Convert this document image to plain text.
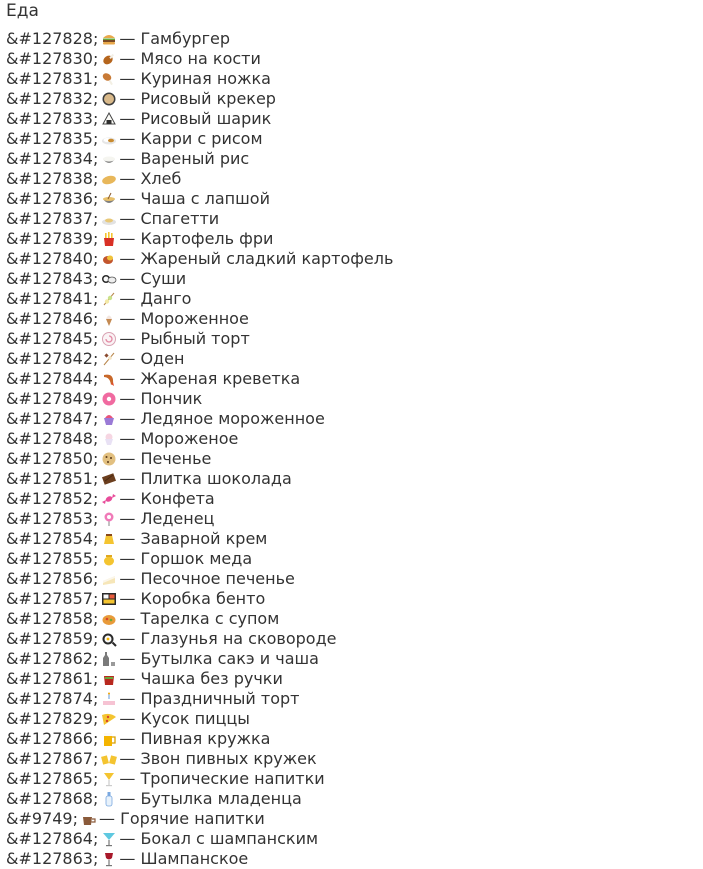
Еда
&#127828; — Гамбургер
&#127830; — Мясо на кости
&#127831; — Куриная ножка
&#127832; — Рисовый крекер
&#127833; — Рисовый шарик
&#127835; — Карри с рисом
&#127834; — Вареный рис
&#127838; — Хлеб
&#127836; — Чаша с лапшой
&#127837; — Спагетти
&#127839; — Картофель фри
&#127840; — Жареный сладкий картофель
&#127843; — Суши
&#127841; — Данго
&#127846; — Мороженное
&#127845; — Рыбный торт
&#127842; — Оден
&#127844; — Жареная креветка
&#127849; — Пончик
&#127847; — Ледяное мороженное
&#127848; — Мороженое
&#127850; — Печенье
&#127851; — Плитка шоколада
&#127852; — Конфета
&#127853; — Леденец
&#127854; — Заварной крем
&#127855; — Горшок меда
&#127856; — Песочное печенье
&#127857; — Коробка бенто
&#127858; — Тарелка с супом
&#127859; — Глазунья на сковороде
&#127862; — Бутылка сакэ и чаша
&#127861; — Чашка без ручки
&#127874; — Праздничный торт
&#127829; — Кусок пиццы
&#127866; — Пивная кружка
&#127867; — Звон пивных кружек
&#127865; — Тропические напитки
&#127868; — Бутылка младенца
&#9749; — Горячие напитки
&#127864; — Бокал с шампанским
&#127863; — Шампанское
